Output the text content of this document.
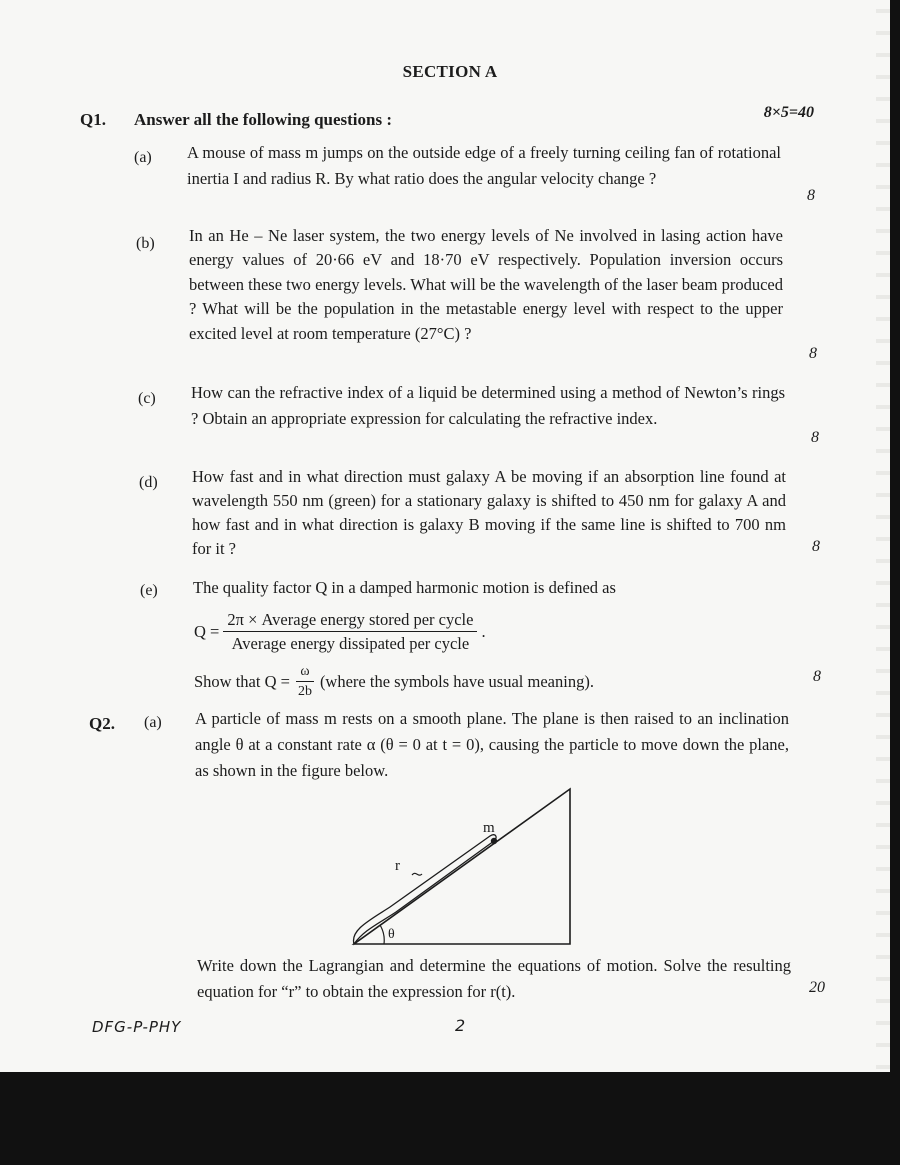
SECTION A
Q1. Answer all the following questions :	8×5=40
(a) A mouse of mass m jumps on the outside edge of a freely turning ceiling fan of rotational inertia I and radius R. By what ratio does the angular velocity change ?
8
(b) In an He – Ne laser system, the two energy levels of Ne involved in lasing action have energy values of 20·66 eV and 18·70 eV respectively. Population inversion occurs between these two energy levels. What will be the wavelength of the laser beam produced ? What will be the population in the metastable energy level with respect to the upper excited level at room temperature (27°C) ?
8
(c) How can the refractive index of a liquid be determined using a method of Newton’s rings ? Obtain an appropriate expression for calculating the refractive index.
8
(d) How fast and in what direction must galaxy A be moving if an absorption line found at wavelength 550 nm (green) for a stationary galaxy is shifted to 450 nm for galaxy A and how fast and in what direction is galaxy B moving if the same line is shifted to 700 nm for it ?	8
(e) The quality factor Q in a damped harmonic motion is defined as
$Q = \frac{\text{2π × Average energy stored per cycle}}{\text{Average energy dissipated per cycle}}$ .
Show that $Q = \frac{\omega}{2b}$ (where the symbols have usual meaning).	8
Q2. (a) A particle of mass m rests on a smooth plane. The plane is then raised to an inclination angle θ at a constant rate α (θ = 0 at t = 0), causing the particle to move down the plane, as shown in the figure below.
m
r
θ
Write down the Lagrangian and determine the equations of motion. Solve the resulting equation for “r” to obtain the expression for r(t).	20
DFG-P-PHY	2
